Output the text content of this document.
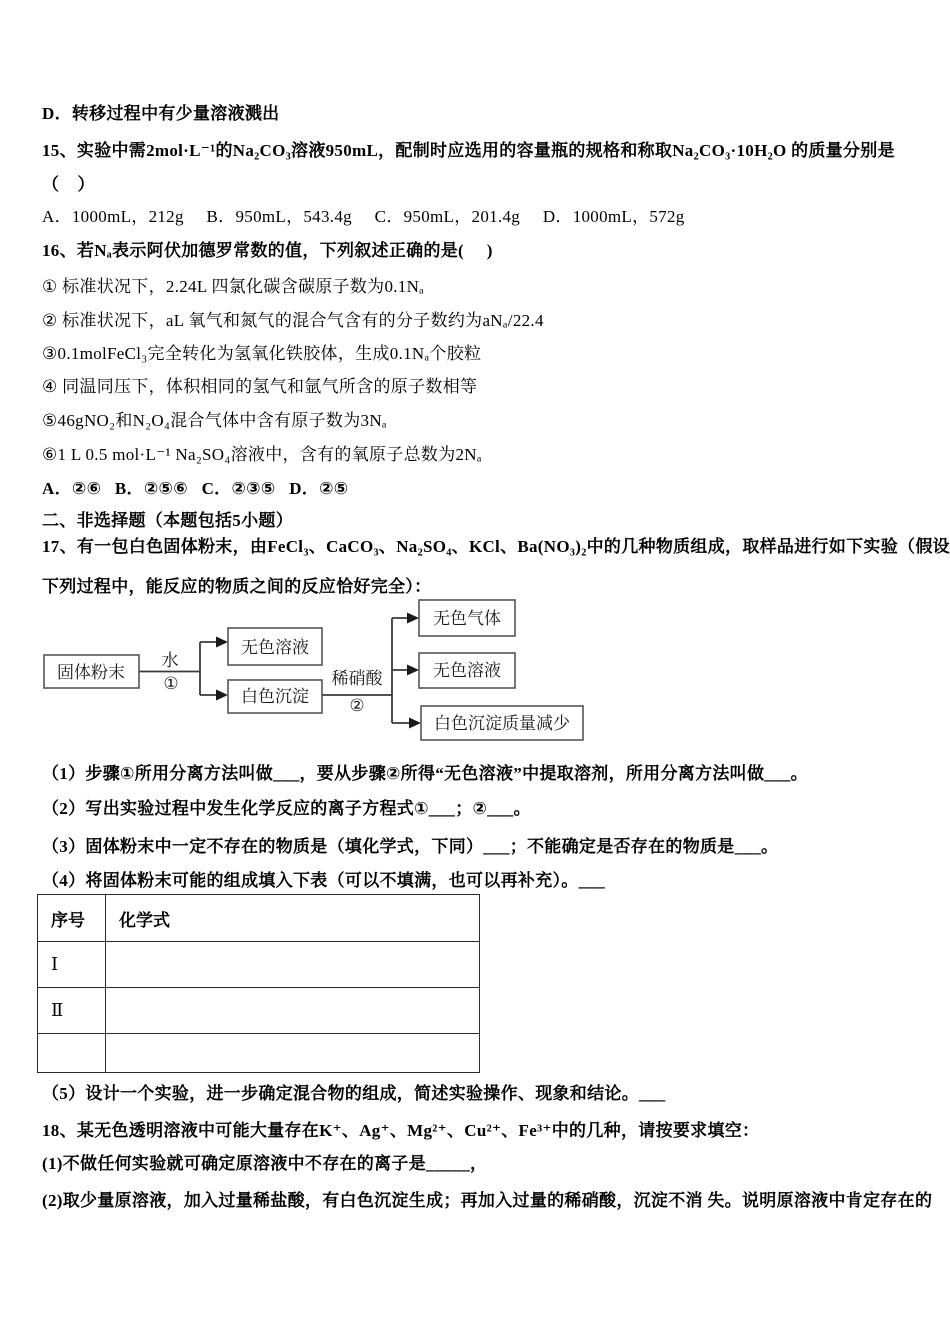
D．转移过程中有少量溶液溅出
15、实验中需2mol·L⁻¹的Na₂CO₃溶液950mL，配制时应选用的容量瓶的规格和称取Na₂CO₃·10H₂O 的质量分别是
（    ）
A．1000mL，212g     B．950mL，543.4g     C．950mL，201.4g     D．1000mL，572g
16、若Nₐ表示阿伏加德罗常数的值，下列叙述正确的是(     )
① 标准状况下，2.24L 四氯化碳含碳原子数为0.1Nₐ
② 标准状况下，aL 氧气和氮气的混合气含有的分子数约为aNₐ/22.4
③0.1molFeCl₃完全转化为氢氧化铁胶体，生成0.1Nₐ个胶粒
④ 同温同压下，体积相同的氢气和氩气所含的原子数相等
⑤46gNO₂和N₂O₄混合气体中含有原子数为3Nₐ
⑥1 L 0.5 mol·L⁻¹ Na₂SO₄溶液中，含有的氧原子总数为2Nₐ
A．②⑥   B．②⑤⑥   C．②③⑤   D．②⑤
二、非选择题（本题包括5小题）
17、有一包白色固体粉末，由FeCl₃、CaCO₃、Na₂SO₄、KCl、Ba(NO₃)₂中的几种物质组成，取样品进行如下实验（假设
下列过程中，能反应的物质之间的反应恰好完全）：
（1）步骤①所用分离方法叫做___，要从步骤②所得“无色溶液”中提取溶剂，所用分离方法叫做___。
（2）写出实验过程中发生化学反应的离子方程式①___；②___。
（3）固体粉末中一定不存在的物质是（填化学式，下同）___；不能确定是否存在的物质是___。
（4）将固体粉末可能的组成填入下表（可以不填满，也可以再补充）。___
（5）设计一个实验，进一步确定混合物的组成，简述实验操作、现象和结论。___
18、某无色透明溶液中可能大量存在K⁺、Ag⁺、Mg²⁺、Cu²⁺、Fe³⁺中的几种，请按要求填空：
(1)不做任何实验就可确定原溶液中不存在的离子是_____，
(2)取少量原溶液，加入过量稀盐酸，有白色沉淀生成；再加入过量的稀硝酸，沉淀不消 失。说明原溶液中肯定存在的
固体粉末
无色溶液
白色沉淀
无色气体
无色溶液
白色沉淀质量减少
水
①	稀硝酸
②
序号	化学式
Ⅰ	
Ⅱ	
